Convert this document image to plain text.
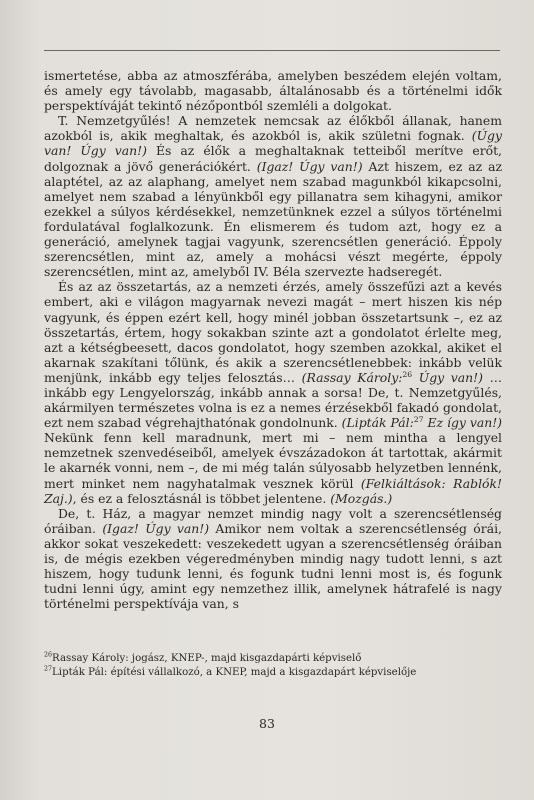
ismertetése, abba az atmoszférába, amelyben beszédem elején voltam, és amely egy távolabb, magasabb, általánosabb és a történelmi idők perspektíváját tekintő nézőpontból szemléli a dolgokat.

T. Nemzetgyűlés! A nemzetek nemcsak az élőkből állanak, hanem azokból is, akik meghaltak, és azokból is, akik születni fognak. (Úgy van! Úgy van!) És az élők a meghaltaknak tetteiből merítve erőt, dolgoznak a jövő generációkért. (Igaz! Úgy van!) Azt hiszem, ez az az alaptétel, az az alaphang, amelyet nem szabad magunkból kikapcsolni, amelyet nem szabad a lényünkből egy pillanatra sem kihagyni, amikor ezekkel a súlyos kérdésekkel, nemzetünknek ezzel a súlyos történelmi fordulatával foglalkozunk. Én elismerem és tudom azt, hogy ez a generáció, amelynek tagjai vagyunk, szerencsétlen generáció. Éppoly szerencsétlen, mint az, amely a mohácsi vészt megérte, éppoly szerencsétlen, mint az, amelyből IV. Béla szervezte hadseregét.

És az az összetartás, az a nemzeti érzés, amely összefűzi azt a kevés embert, aki e világon magyarnak nevezi magát – mert hiszen kis nép vagyunk, és éppen ezért kell, hogy minél jobban összetartsunk –, ez az összetartás, értem, hogy sokakban szinte azt a gondolatot érlelte meg, azt a kétségbeesett, dacos gondolatot, hogy szemben azokkal, akiket el akarnak szakítani tőlünk, és akik a szerencsétlenebbek: inkább velük menjünk, inkább egy teljes felosztás… (Rassay Károly:$^{26}$ Úgy van!) …inkább egy Lengyelország, inkább annak a sorsa! De, t. Nemzetgyűlés, akármilyen természetes volna is ez a nemes érzésekből fakadó gondolat, ezt nem szabad végrehajthatónak gondolnunk. (Lipták Pál:$^{27}$ Ez így van!) Nekünk fenn kell maradnunk, mert mi – nem mintha a lengyel nemzetnek szenvedéseiből, amelyek évszázadokon át tartottak, akármit le akarnék vonni, nem –, de mi még talán súlyosabb helyzetben lennénk, mert minket nem nagyhatalmak vesznek körül (Felkiáltások: Rablók! Zaj.), és ez a felosztásnál is többet jelentene. (Mozgás.)

De, t. Ház, a magyar nemzet mindig nagy volt a szerencsétlenség óráiban. (Igaz! Úgy van!) Amikor nem voltak a szerencsétlenség órái, akkor sokat veszekedett: veszekedett ugyan a szerencsétlenség óráiban is, de mégis ezekben végeredményben mindig nagy tudott lenni, s azt hiszem, hogy tudunk lenni, és fogunk tudni lenni most is, és fogunk tudni lenni úgy, amint egy nemzethez illik, amelynek hátrafelé is nagy történelmi perspektívája van, s

$^{26}$Rassay Károly: jogász, KNEP-, majd kisgazdapárti képviselő

$^{27}$Lipták Pál: építési vállalkozó, a KNEP, majd a kisgazdapárt képviselője

83
